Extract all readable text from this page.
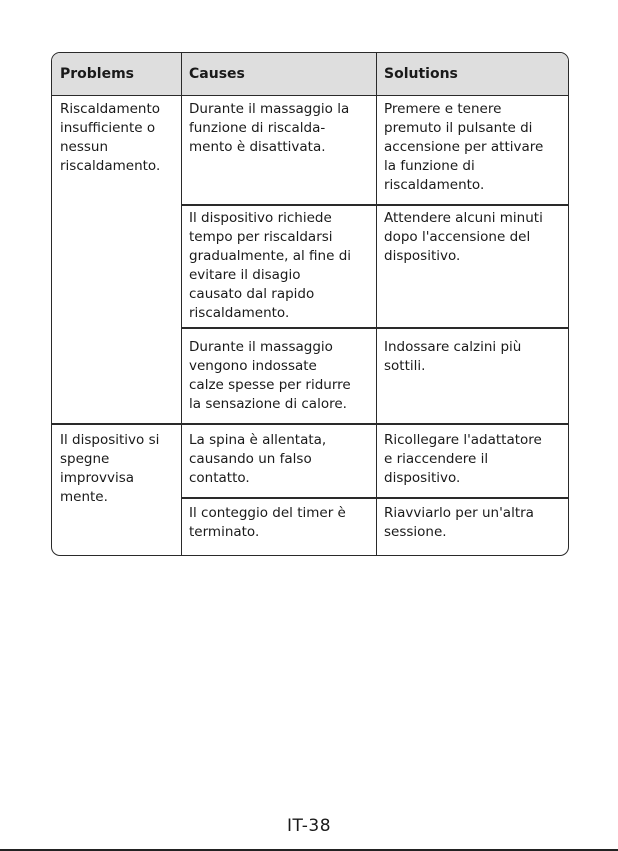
Problems	Causes	Solutions
Riscaldamento
insufficiente o
nessun
riscaldamento.
Il dispositivo si
spegne
improvvisa
mente.
Durante il massaggio la
funzione di riscalda-
mento è disattivata.
Il dispositivo richiede
tempo per riscaldarsi
gradualmente, al fine di
evitare il disagio
causato dal rapido
riscaldamento.
Durante il massaggio
vengono indossate
calze spesse per ridurre
la sensazione di calore.
La spina è allentata,
causando un falso
contatto.
Il conteggio del timer è
terminato.
Premere e tenere
premuto il pulsante di
accensione per attivare
la funzione di
riscaldamento.
Attendere alcuni minuti
dopo l'accensione del
dispositivo.
Indossare calzini più
sottili.
Ricollegare l'adattatore
e riaccendere il
dispositivo.
Riavviarlo per un'altra
sessione.
IT-38
